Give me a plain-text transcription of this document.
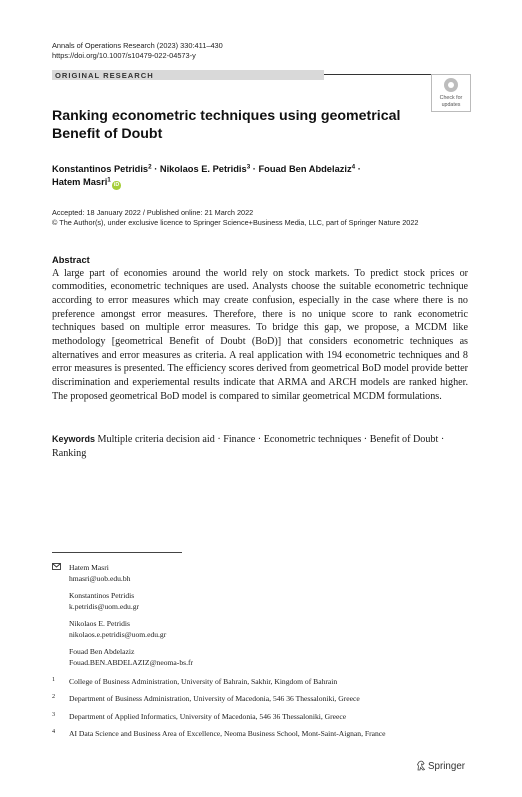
Annals of Operations Research (2023) 330:411–430
https://doi.org/10.1007/s10479-022-04573-y
ORIGINAL RESEARCH
Check for
updates
Ranking econometric techniques using geometrical Benefit of Doubt
Konstantinos Petridis$^2$ · Nikolaos E. Petridis$^3$ · Fouad Ben Abdelaziz$^4$ ·
Hatem Masri$^1$iD
Accepted: 18 January 2022 / Published online: 21 March 2022
© The Author(s), under exclusive licence to Springer Science+Business Media, LLC, part of Springer Nature 2022
Abstract
A large part of economies around the world rely on stock markets. To predict stock prices or commodities, econometric techniques are used. Analysts choose the suitable econometric technique according to error measures which may create confusion, especially in the case where there is no preference amongst error measures. Therefore, there is no unique score to rank econometric techniques based on multiple error measures. To bridge this gap, we propose, a MCDM like methodology [geometrical Benefit of Doubt (BoD)] that considers econometric techniques as alternatives and error measures as criteria. A real application with 194 econometric techniques and 8 error measures is presented. The efficiency scores derived from geometrical BoD model provide better discrimination and experiemental results indicate that ARMA and ARCH models are ranked higher. The proposed geometrical BoD model is compared to similar geometrical MCDM formulations.
Keywords Multiple criteria decision aid · Finance · Econometric techniques · Benefit of Doubt · Ranking
Hatem Masri
hmasri@uob.edu.bh
Konstantinos Petridis
k.petridis@uom.edu.gr
Nikolaos E. Petridis
nikolaos.e.petridis@uom.edu.gr
Fouad Ben Abdelaziz
Fouad.BEN.ABDELAZIZ@neoma-bs.fr
1 College of Business Administration, University of Bahrain, Sakhir, Kingdom of Bahrain
2 Department of Business Administration, University of Macedonia, 546 36 Thessaloniki, Greece
3 Department of Applied Informatics, University of Macedonia, 546 36 Thessaloniki, Greece
4 AI Data Science and Business Area of Excellence, Neoma Business School, Mont-Saint-Aignan, France
Springer
